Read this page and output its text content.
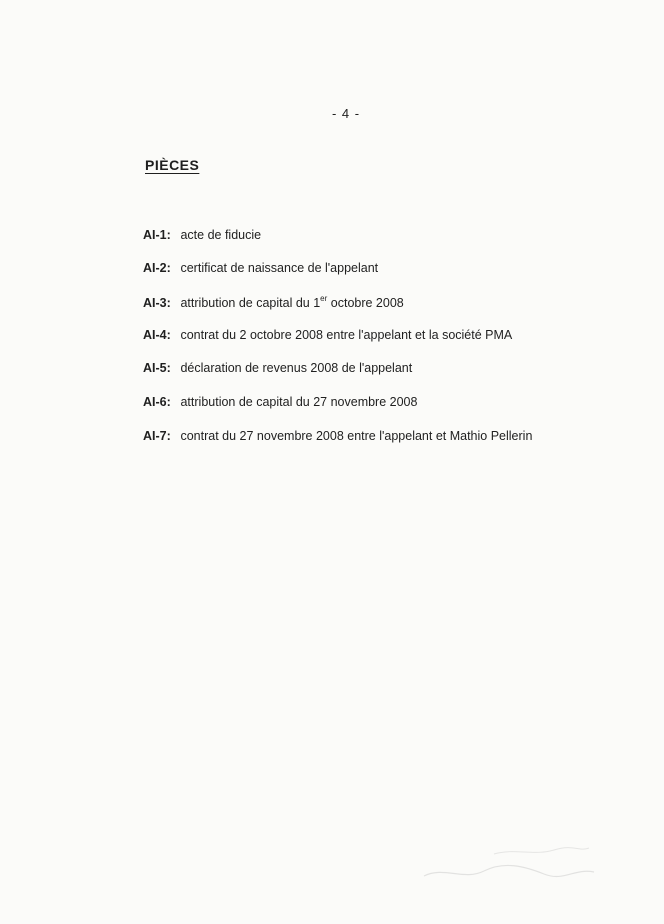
- 4 -
PIÈCES
AI-1: acte de fiducie
AI-2: certificat de naissance de l'appelant
AI-3: attribution de capital du 1er octobre 2008
AI-4: contrat du 2 octobre 2008 entre l'appelant et la société PMA
AI-5: déclaration de revenus 2008 de l'appelant
AI-6: attribution de capital du 27 novembre 2008
AI-7: contrat du 27 novembre 2008 entre l'appelant et Mathio Pellerin
